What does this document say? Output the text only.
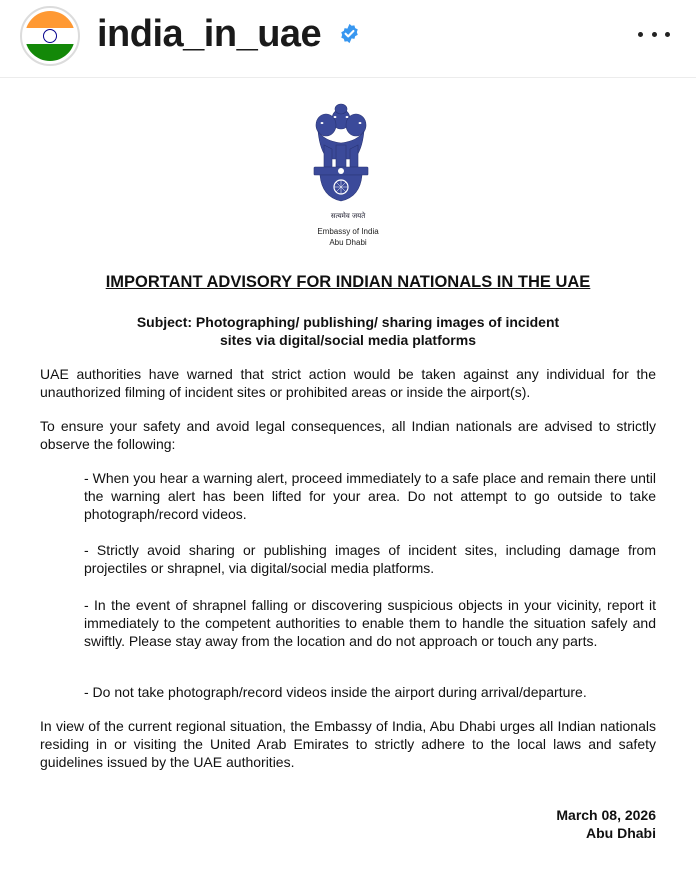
india_in_uae
सत्यमेव जयते
Embassy of India
Abu Dhabi
IMPORTANT ADVISORY FOR INDIAN NATIONALS IN THE UAE
Subject: Photographing/ publishing/ sharing images of incident sites via digital/social media platforms
UAE authorities have warned that strict action would be taken against any individual for the unauthorized filming of incident sites or prohibited areas or inside the airport(s).
To ensure your safety and avoid legal consequences, all Indian nationals are advised to strictly observe the following:
- When you hear a warning alert, proceed immediately to a safe place and remain there until the warning alert has been lifted for your area. Do not attempt to go outside to take photograph/record videos.
- Strictly avoid sharing or publishing images of incident sites, including damage from projectiles or shrapnel, via digital/social media platforms.
- In the event of shrapnel falling or discovering suspicious objects in your vicinity, report it immediately to the competent authorities to enable them to handle the situation safely and swiftly. Please stay away from the location and do not approach or touch any parts.
- Do not take photograph/record videos inside the airport during arrival/departure.
In view of the current regional situation, the Embassy of India, Abu Dhabi urges all Indian nationals residing in or visiting the United Arab Emirates to strictly adhere to the local laws and safety guidelines issued by the UAE authorities.
March 08, 2026
Abu Dhabi
